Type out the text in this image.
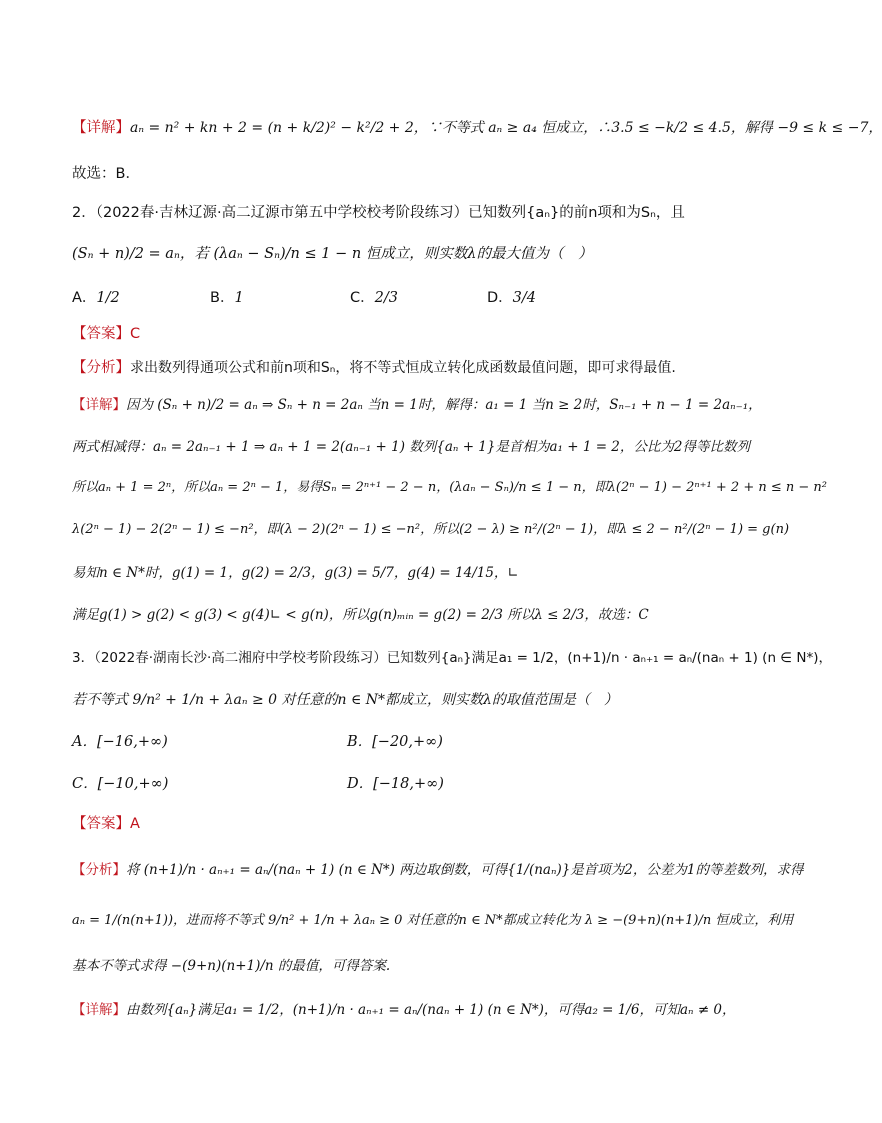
【详解】aₙ = n² + kn + 2 = (n + k/2)² − k²/2 + 2，∵不等式 aₙ ≥ a₄ 恒成立，∴3.5 ≤ −k/2 ≤ 4.5，解得 −9 ≤ k ≤ −7，
故选：B．
2．（2022春·吉林辽源·高二辽源市第五中学校校考阶段练习）已知数列{aₙ}的前n项和为Sₙ，且
(Sₙ + n)/2 = aₙ，若 (λaₙ − Sₙ)/n ≤ 1 − n 恒成立，则实数λ的最大值为（　）
A．1/2	B．1	C．2/3	D．3/4
【答案】C
【分析】求出数列得通项公式和前n项和Sₙ，将不等式恒成立转化成函数最值问题，即可求得最值.
【详解】因为 (Sₙ + n)/2 = aₙ ⇒ Sₙ + n = 2aₙ 当n = 1时，解得：a₁ = 1 当n ≥ 2时，Sₙ₋₁ + n − 1 = 2aₙ₋₁，
两式相减得：aₙ = 2aₙ₋₁ + 1 ⇒ aₙ + 1 = 2(aₙ₋₁ + 1) 数列{aₙ + 1}是首相为a₁ + 1 = 2，公比为2得等比数列
所以aₙ + 1 = 2ⁿ，所以aₙ = 2ⁿ − 1，易得Sₙ = 2ⁿ⁺¹ − 2 − n，(λaₙ − Sₙ)/n ≤ 1 − n，即λ(2ⁿ − 1) − 2ⁿ⁺¹ + 2 + n ≤ n − n²
λ(2ⁿ − 1) − 2(2ⁿ − 1) ≤ −n²，即(λ − 2)(2ⁿ − 1) ≤ −n²，所以(2 − λ) ≥ n²/(2ⁿ − 1)，即λ ≤ 2 − n²/(2ⁿ − 1) = g(n)
易知n ∈ N*时，g(1) = 1，g(2) = 2/3，g(3) = 5/7，g(4) = 14/15，∟
满足g(1) > g(2) < g(3) < g(4)∟ < g(n)，所以g(n)ₘᵢₙ = g(2) = 2/3 所以λ ≤ 2/3，故选：C
3．（2022春·湖南长沙·高二湘府中学校考阶段练习）已知数列{aₙ}满足a₁ = 1/2，(n+1)/n · aₙ₊₁ = aₙ/(naₙ + 1) (n ∈ N*)，
若不等式 9/n² + 1/n + λaₙ ≥ 0 对任意的n ∈ N*都成立，则实数λ的取值范围是（　）
A．[−16,+∞)	B．[−20,+∞)
C．[−10,+∞)	D．[−18,+∞)
【答案】A
【分析】将 (n+1)/n · aₙ₊₁ = aₙ/(naₙ + 1) (n ∈ N*) 两边取倒数，可得{1/(naₙ)}是首项为2，公差为1的等差数列，求得
aₙ = 1/(n(n+1))，进而将不等式 9/n² + 1/n + λaₙ ≥ 0 对任意的n ∈ N*都成立转化为 λ ≥ −(9+n)(n+1)/n 恒成立，利用
基本不等式求得 −(9+n)(n+1)/n 的最值，可得答案.
【详解】由数列{aₙ}满足a₁ = 1/2，(n+1)/n · aₙ₊₁ = aₙ/(naₙ + 1) (n ∈ N*)，可得a₂ = 1/6，可知aₙ ≠ 0，
